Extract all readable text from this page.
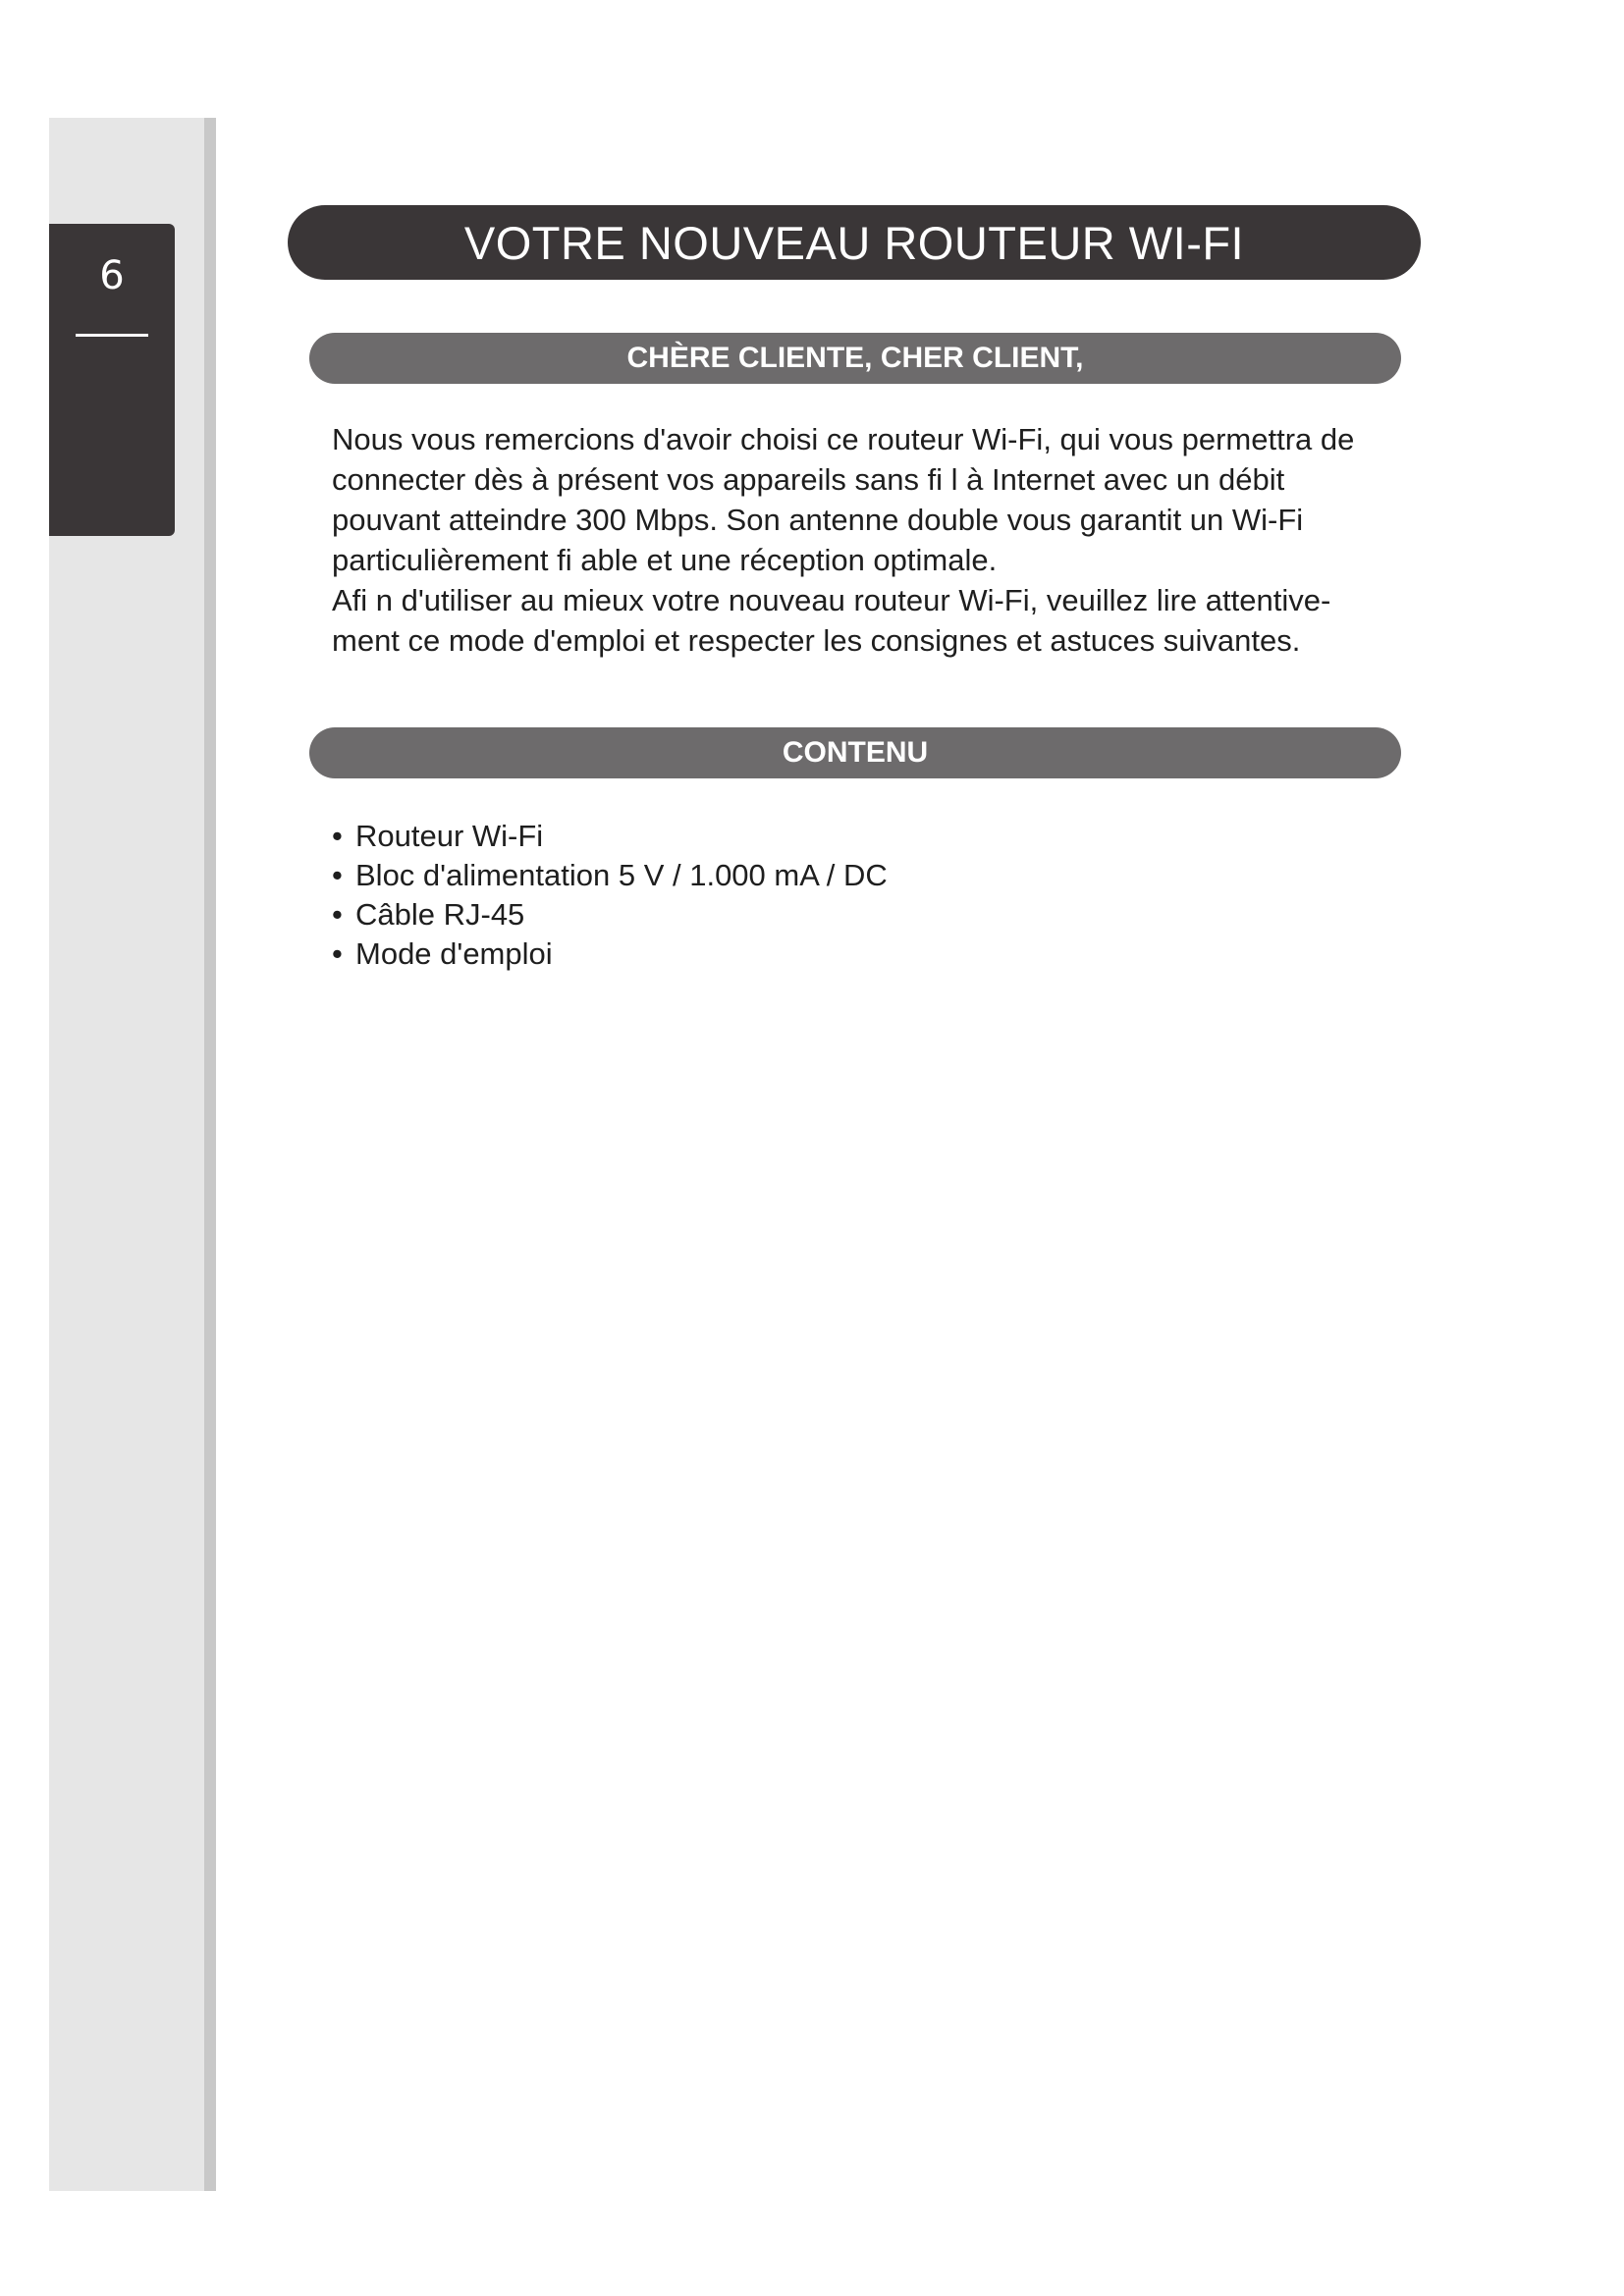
6
VOTRE NOUVEAU ROUTEUR WI-FI
CHÈRE CLIENTE, CHER CLIENT,

Nous vous remercions d'avoir choisi ce routeur Wi-Fi, qui vous permettra de connecter dès à présent vos appareils sans fi l à Internet avec un débit pouvant atteindre 300 Mbps. Son antenne double vous garantit un Wi-Fi particulièrement fi able et une réception optimale.

Afi n d'utiliser au mieux votre nouveau routeur Wi-Fi, veuillez lire attentive-ment ce mode d'emploi et respecter les consignes et astuces suivantes.

CONTENU
• Routeur Wi-Fi
• Bloc d'alimentation 5 V / 1.000 mA / DC
• Câble RJ-45
• Mode d'emploi
